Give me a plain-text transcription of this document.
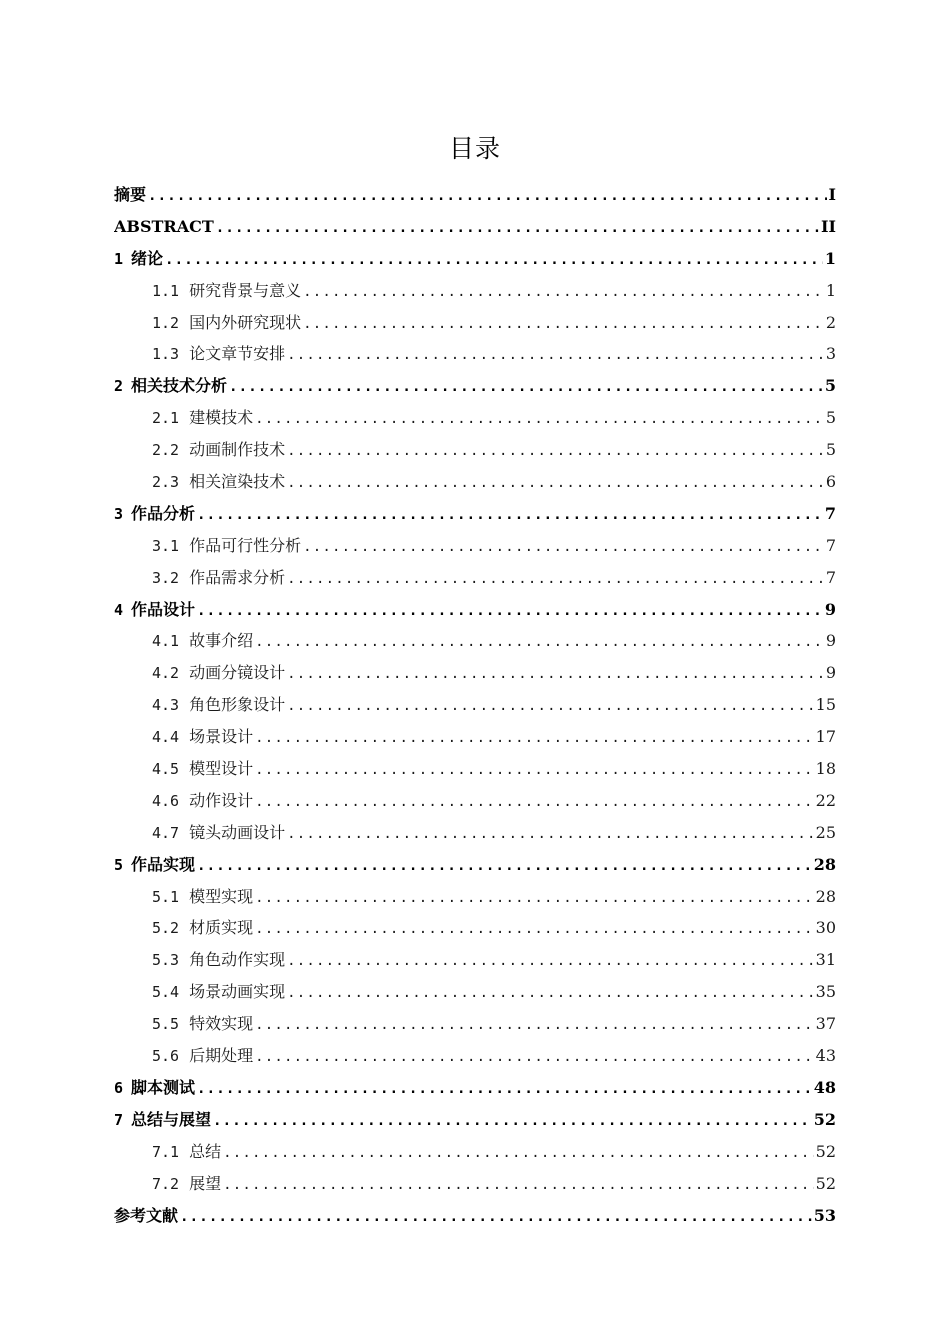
目录
摘要 .....	I
ABSTRACT .....	II
1 绪论 .....	1
1.1 研究背景与意义 .....	1
1.2 国内外研究现状 .....	2
1.3 论文章节安排 .....	3
2 相关技术分析 .....	5
2.1 建模技术 .....	5
2.2 动画制作技术 .....	5
2.3 相关渲染技术 .....	6
3 作品分析 .....	7
3.1 作品可行性分析 .....	7
3.2 作品需求分析 .....	7
4 作品设计 .....	9
4.1 故事介绍 .....	9
4.2 动画分镜设计 .....	9
4.3 角色形象设计 .....	15
4.4 场景设计 .....	17
4.5 模型设计 .....	18
4.6 动作设计 .....	22
4.7 镜头动画设计 .....	25
5 作品实现 .....	28
5.1 模型实现 .....	28
5.2 材质实现 .....	30
5.3 角色动作实现 .....	31
5.4 场景动画实现 .....	35
5.5 特效实现 .....	37
5.6 后期处理 .....	43
6 脚本测试 .....	48
7 总结与展望 .....	52
7.1 总结 .....	52
7.2 展望 .....	52
参考文献 .....	53
